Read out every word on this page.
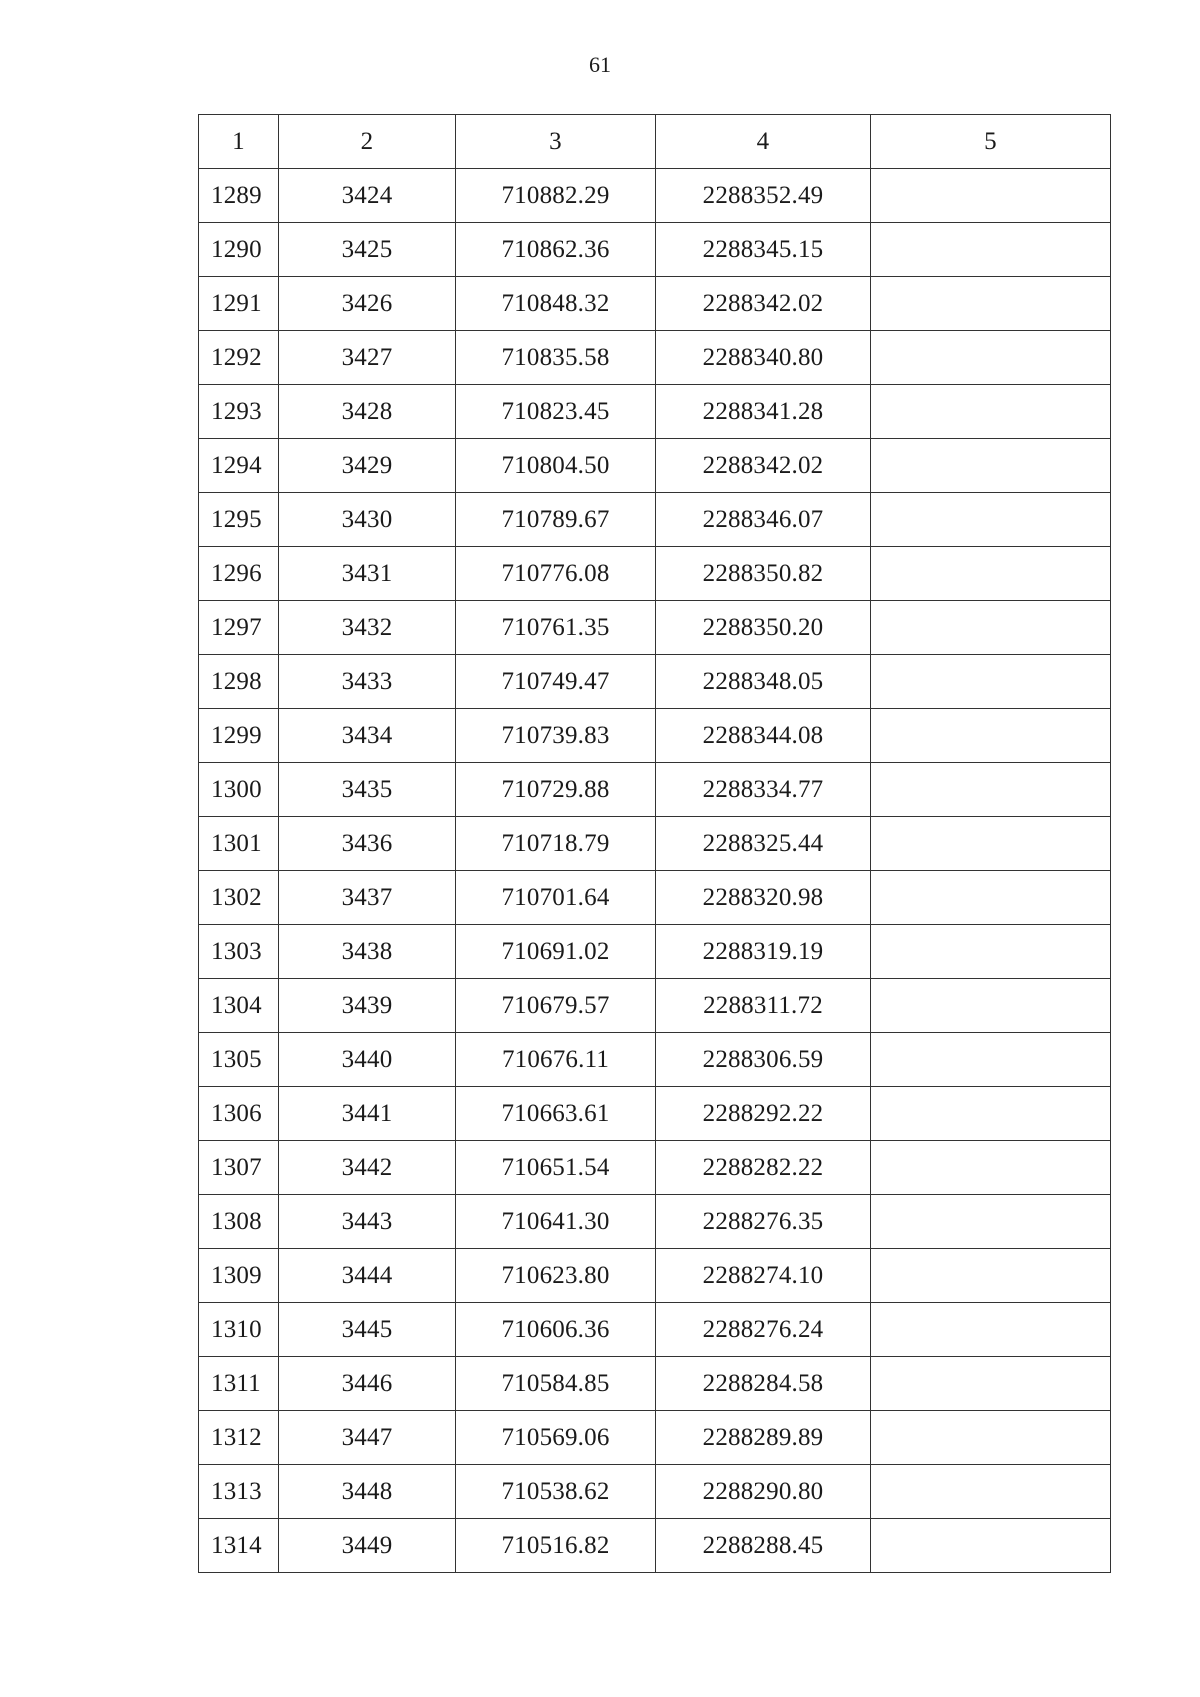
61
1	2	3	4	5
1289	3424	710882.29	2288352.49	
1290	3425	710862.36	2288345.15	
1291	3426	710848.32	2288342.02	
1292	3427	710835.58	2288340.80	
1293	3428	710823.45	2288341.28	
1294	3429	710804.50	2288342.02	
1295	3430	710789.67	2288346.07	
1296	3431	710776.08	2288350.82	
1297	3432	710761.35	2288350.20	
1298	3433	710749.47	2288348.05	
1299	3434	710739.83	2288344.08	
1300	3435	710729.88	2288334.77	
1301	3436	710718.79	2288325.44	
1302	3437	710701.64	2288320.98	
1303	3438	710691.02	2288319.19	
1304	3439	710679.57	2288311.72	
1305	3440	710676.11	2288306.59	
1306	3441	710663.61	2288292.22	
1307	3442	710651.54	2288282.22	
1308	3443	710641.30	2288276.35	
1309	3444	710623.80	2288274.10	
1310	3445	710606.36	2288276.24	
1311	3446	710584.85	2288284.58	
1312	3447	710569.06	2288289.89	
1313	3448	710538.62	2288290.80	
1314	3449	710516.82	2288288.45	
